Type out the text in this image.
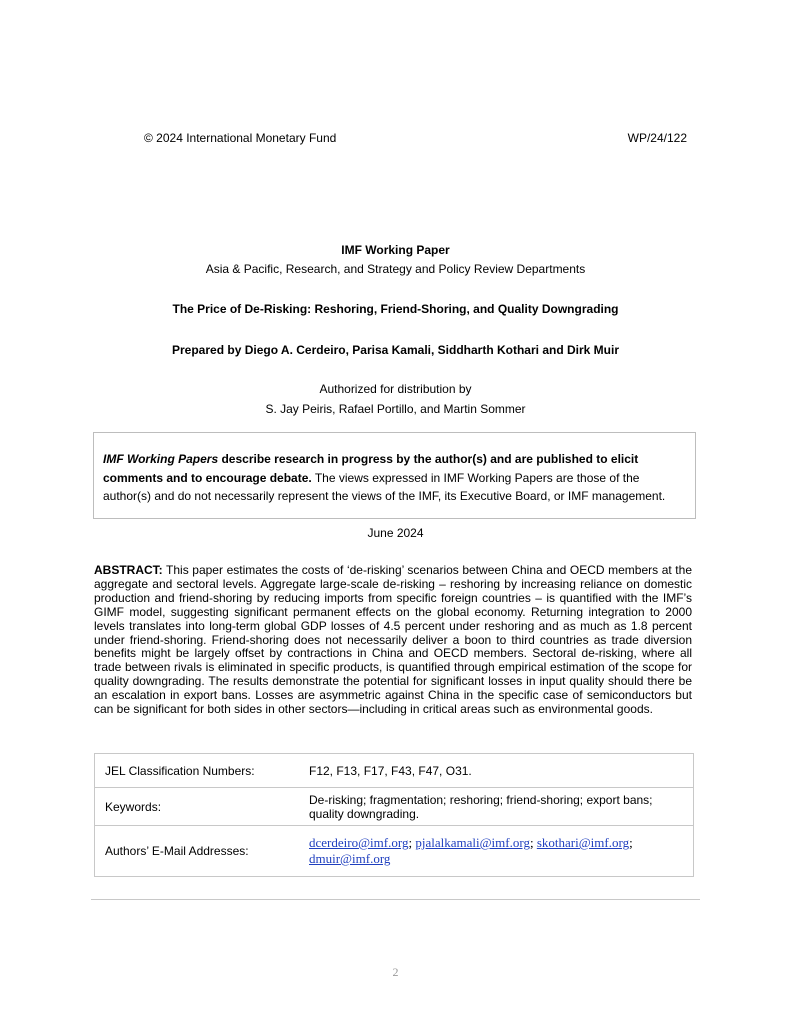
© 2024 International Monetary Fund	WP/24/122
IMF Working Paper
Asia & Pacific, Research, and Strategy and Policy Review Departments
The Price of De-Risking: Reshoring, Friend-Shoring, and Quality Downgrading
Prepared by Diego A. Cerdeiro, Parisa Kamali, Siddharth Kothari and Dirk Muir
Authorized for distribution by
S. Jay Peiris, Rafael Portillo, and Martin Sommer
IMF Working Papers describe research in progress by the author(s) and are published to elicit comments and to encourage debate. The views expressed in IMF Working Papers are those of the author(s) and do not necessarily represent the views of the IMF, its Executive Board, or IMF management.
June 2024
ABSTRACT: This paper estimates the costs of ‘de-risking’ scenarios between China and OECD members at the aggregate and sectoral levels. Aggregate large-scale de-risking – reshoring by increasing reliance on domestic production and friend-shoring by reducing imports from specific foreign countries – is quantified with the IMF’s GIMF model, suggesting significant permanent effects on the global economy. Returning integration to 2000 levels translates into long-term global GDP losses of 4.5 percent under reshoring and as much as 1.8 percent under friend-shoring. Friend-shoring does not necessarily deliver a boon to third countries as trade diversion benefits might be largely offset by contractions in China and OECD members. Sectoral de-risking, where all trade between rivals is eliminated in specific products, is quantified through empirical estimation of the scope for quality downgrading. The results demonstrate the potential for significant losses in input quality should there be an escalation in export bans. Losses are asymmetric against China in the specific case of semiconductors but can be significant for both sides in other sectors—including in critical areas such as environmental goods.
JEL Classification Numbers:	F12, F13, F17, F43, F47, O31.
Keywords:	De-risking; fragmentation; reshoring; friend-shoring; export bans; quality downgrading.
Authors’ E-Mail Addresses:	dcerdeiro@imf.org; pjalalkamali@imf.org; skothari@imf.org; dmuir@imf.org
2
